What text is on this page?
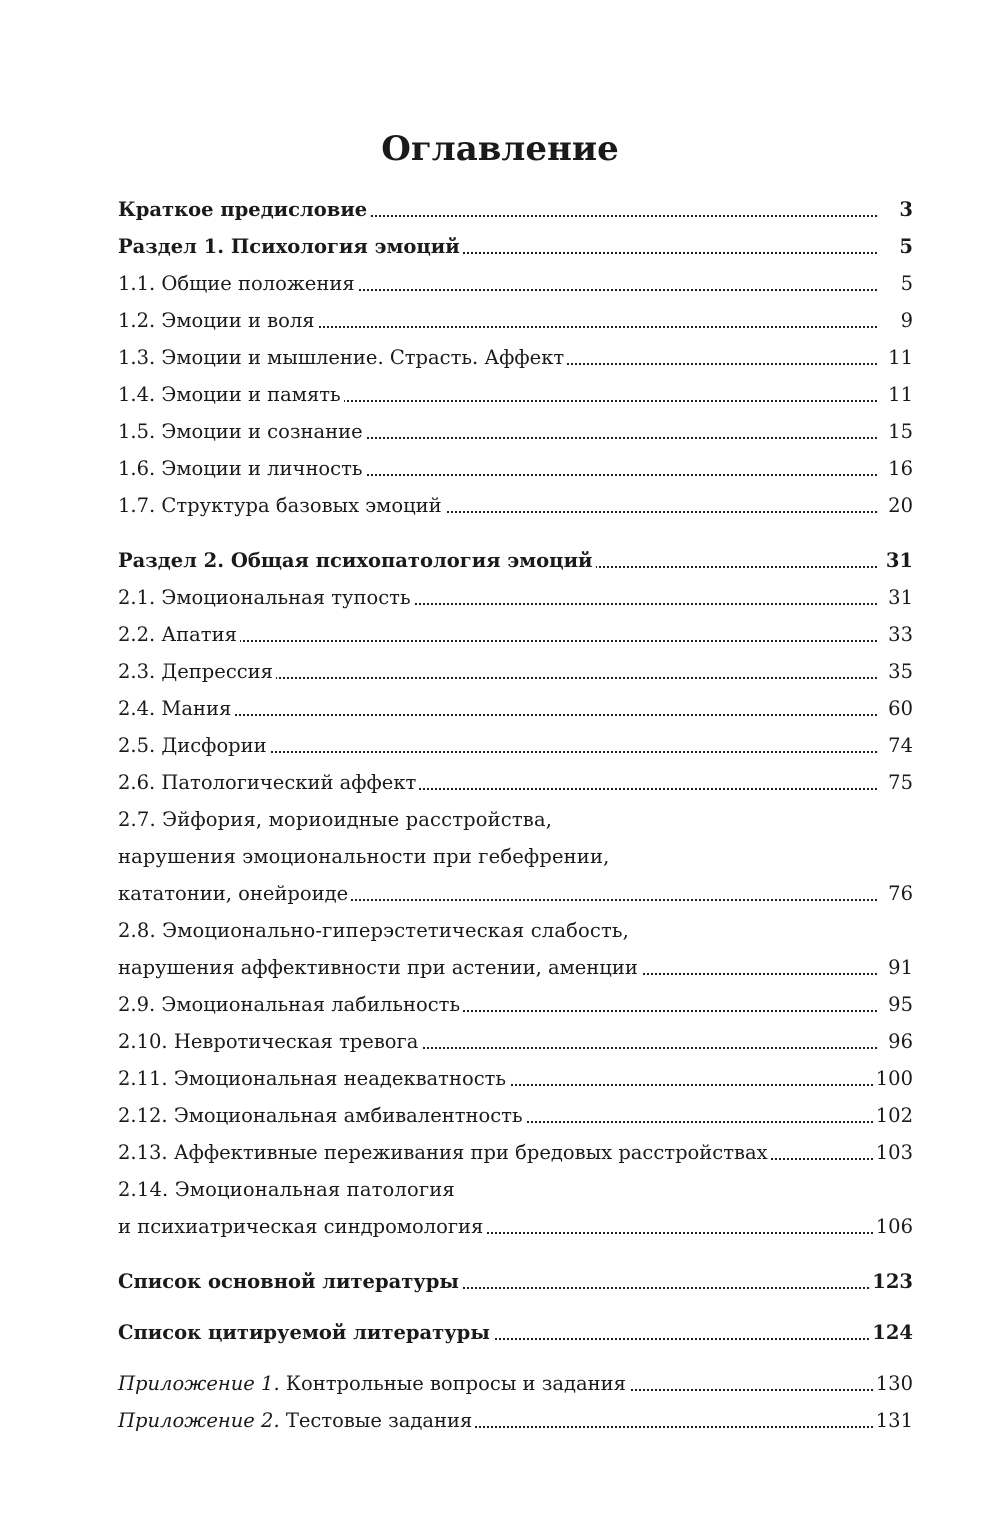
Оглавление
Краткое предисловие	3
Раздел 1. Психология эмоций	5
1.1. Общие положения	5
1.2. Эмоции и воля	9
1.3. Эмоции и мышление. Страсть. Аффект	11
1.4. Эмоции и память	11
1.5. Эмоции и сознание	15
1.6. Эмоции и личность	16
1.7. Структура базовых эмоций	20
Раздел 2. Общая психопатология эмоций	31
2.1. Эмоциональная тупость	31
2.2. Апатия	33
2.3. Депрессия	35
2.4. Мания	60
2.5. Дисфории	74
2.6. Патологический аффект	75
2.7. Эйфория, мориоидные расстройства,
нарушения эмоциональности при гебефрении,
кататонии, онейроиде	76
2.8. Эмоционально-гиперэстетическая слабость,
нарушения аффективности при астении, аменции	91
2.9. Эмоциональная лабильность	95
2.10. Невротическая тревога	96
2.11. Эмоциональная неадекватность	100
2.12. Эмоциональная амбивалентность	102
2.13. Аффективные переживания при бредовых расстройствах	103
2.14. Эмоциональная патология
и психиатрическая синдромология	106
Список основной литературы	123
Список цитируемой литературы	124
Приложение 1. Контрольные вопросы и задания	130
Приложение 2. Тестовые задания	131
